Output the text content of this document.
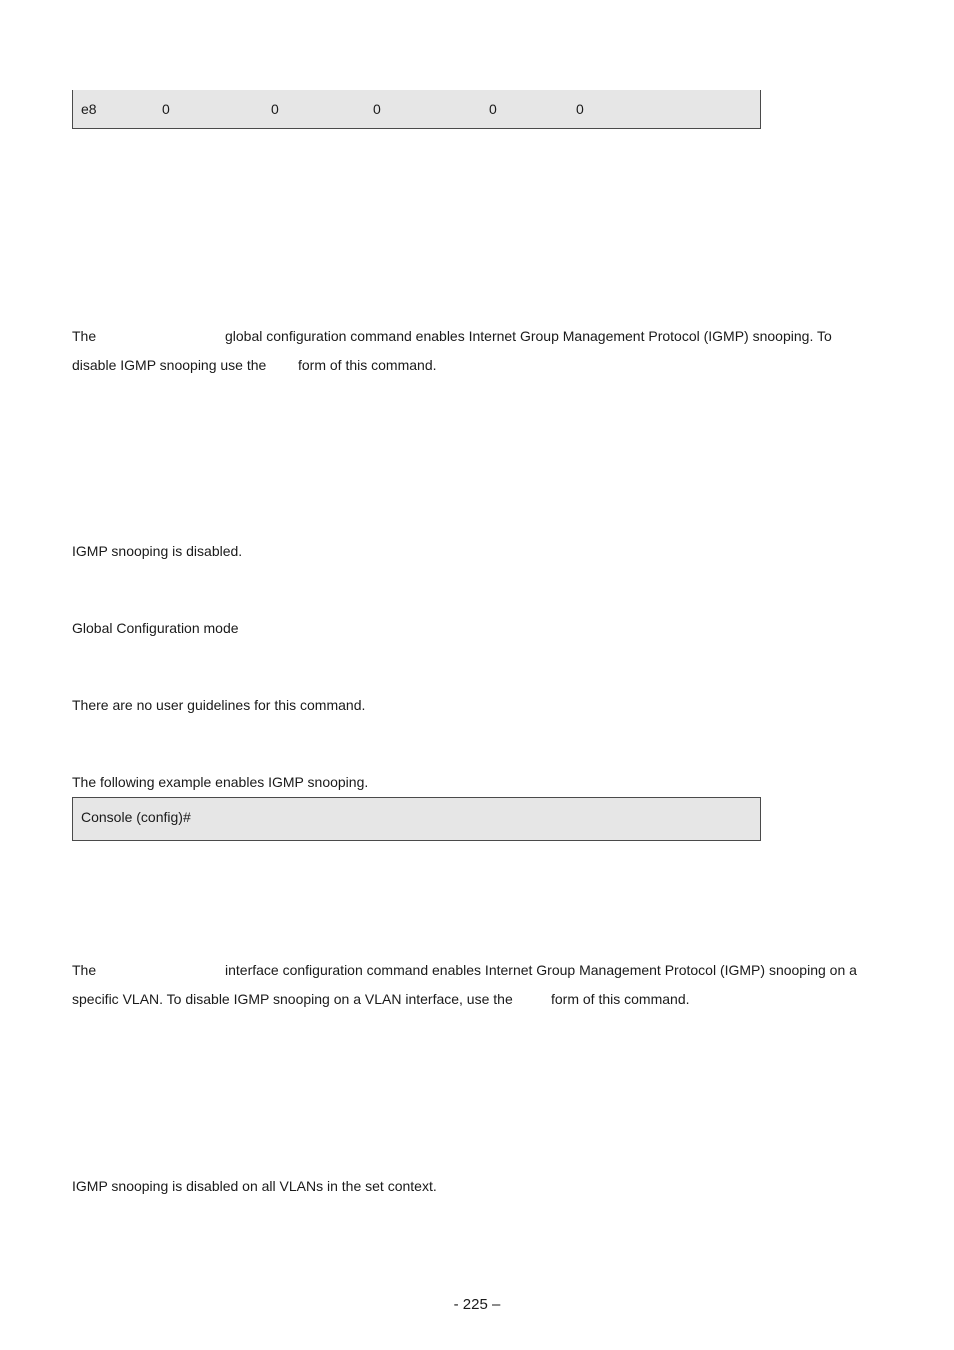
e8	0	0	0	0	0
The	global configuration command enables Internet Group Management Protocol (IGMP) snooping. To
disable IGMP snooping use the form of this command.
IGMP snooping is disabled.
Global Configuration mode
There are no user guidelines for this command.
The following example enables IGMP snooping.
Console (config)#
The	interface configuration command enables Internet Group Management Protocol (IGMP) snooping on a
specific VLAN. To disable IGMP snooping on a VLAN interface, use the	form of this command.
IGMP snooping is disabled on all VLANs in the set context.
- 225 –
